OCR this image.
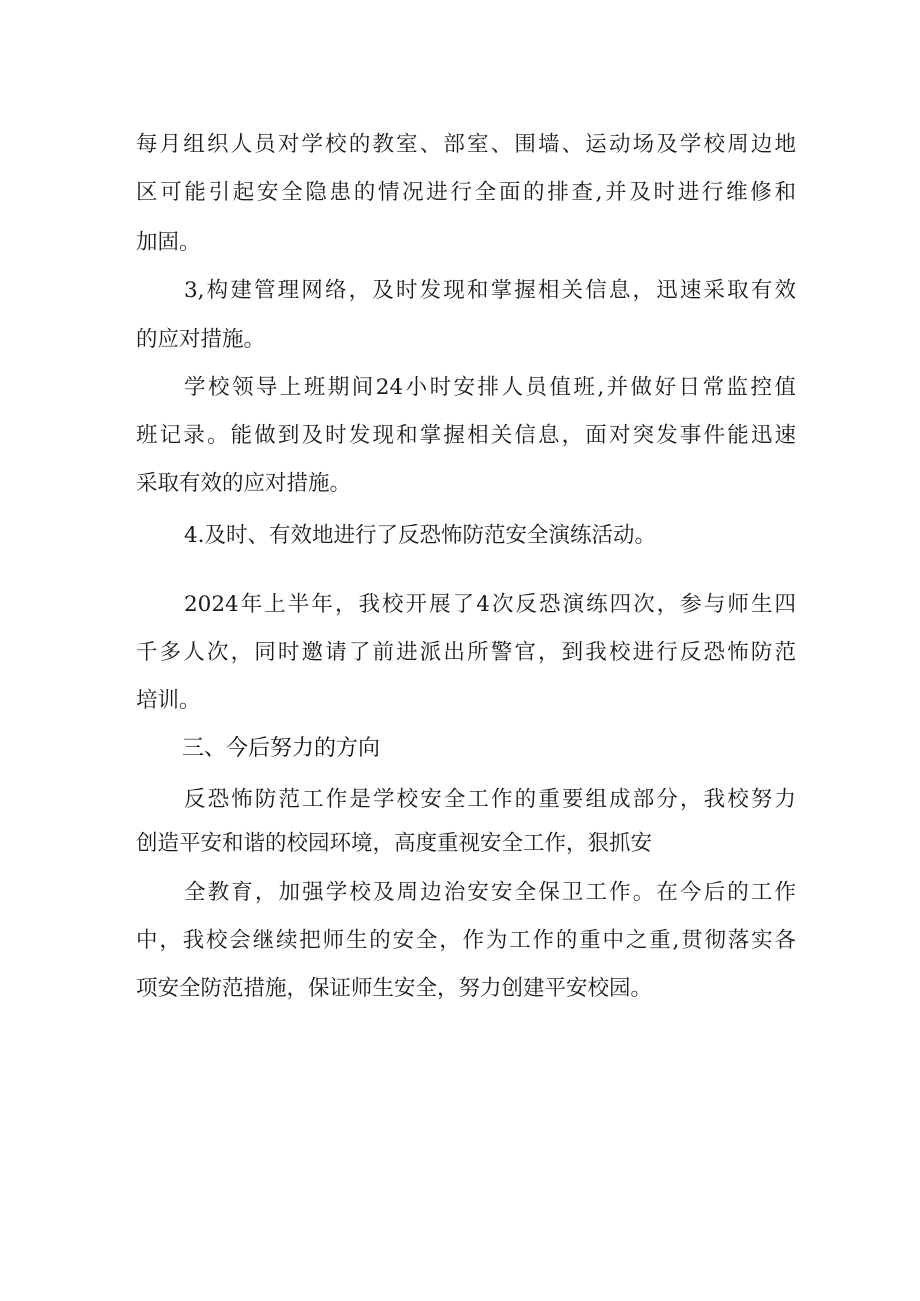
每月组织人员对学校的教室、部室、围墙、运动场及学校周边地
区可能引起安全隐患的情况进行全面的排查,并及时进行维修和
加固。
3,构建管理网络，及时发现和掌握相关信息，迅速采取有效
的应对措施。
学校领导上班期间24小时安排人员值班,并做好日常监控值
班记录。能做到及时发现和掌握相关信息，面对突发事件能迅速
采取有效的应对措施。
4.及时、有效地进行了反恐怖防范安全演练活动。
2024年上半年，我校开展了4次反恐演练四次，参与师生四
千多人次，同时邀请了前进派出所警官，到我校进行反恐怖防范
培训。
三、今后努力的方向
反恐怖防范工作是学校安全工作的重要组成部分，我校努力
创造平安和谐的校园环境，高度重视安全工作，狠抓安
全教育，加强学校及周边治安安全保卫工作。在今后的工作
中，我校会继续把师生的安全，作为工作的重中之重,贯彻落实各
项安全防范措施，保证师生安全，努力创建平安校园。
